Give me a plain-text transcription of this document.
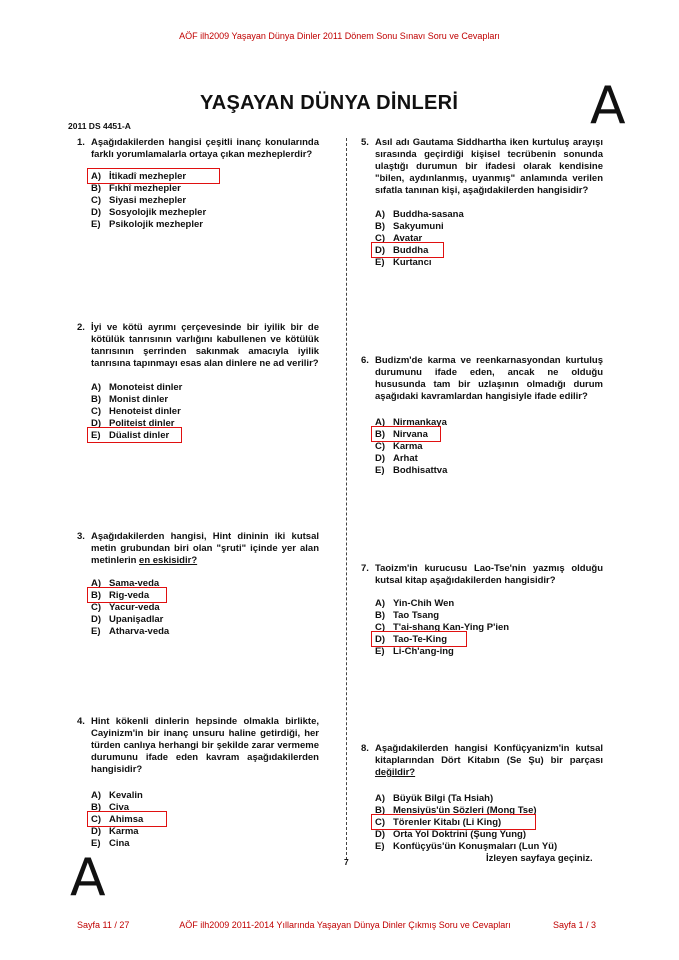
AÖF ilh2009 Yaşayan Dünya Dinler 2011 Dönem Sonu Sınavı Soru ve Cevapları
YAŞAYAN DÜNYA DİNLERİ	A
2011 DS 4451-A
1. Aşağıdakilerden hangisi çeşitli inanç konularında farklı yorumlamalarla ortaya çıkan mezheplerdir?
A) İtikadî mezhepler
B) Fıkhî mezhepler
C) Siyasi mezhepler
D) Sosyolojik mezhepler
E) Psikolojik mezhepler
2. İyi ve kötü ayrımı çerçevesinde bir iyilik bir de kötülük tanrısının varlığını kabullenen ve kötülük tanrısının şerrinden sakınmak amacıyla iyilik tanrısına tapınmayı esas alan dinlere ne ad verilir?
A) Monoteist dinler
B) Monist dinler
C) Henoteist dinler
D) Politeist dinler
E) Düalist dinler
3. Aşağıdakilerden hangisi, Hint dininin iki kutsal metin grubundan biri olan "şruti" içinde yer alan metinlerin en eskisidir?
A) Sama-veda
B) Rig-veda
C) Yacur-veda
D) Upanişadlar
E) Atharva-veda
4. Hint kökenli dinlerin hepsinde olmakla birlikte, Cayinizm'in bir inanç unsuru haline getirdiği, her türden canlıya herhangi bir şekilde zarar vermeme durumunu ifade eden kavram aşağıdakilerden hangisidir?
A) Kevalin
B) Civa
C) Ahimsa
D) Karma
E) Cina
A
5. Asıl adı Gautama Siddhartha iken kurtuluş arayışı sırasında geçirdiği kişisel tecrübenin sonunda ulaştığı durumun bir ifadesi olarak kendisine "bilen, aydınlanmış, uyanmış" anlamında verilen sıfatla tanınan kişi, aşağıdakilerden hangisidir?
A) Buddha-sasana
B) Sakyumuni
C) Avatar
D) Buddha
E) Kurtancı
6. Budizm'de karma ve reenkarnasyondan kurtuluş durumunu ifade eden, ancak ne olduğu hususunda tam bir uzlaşının olmadığı durum aşağıdaki kavramlardan hangisiyle ifade edilir?
A) Nirmankaya
B) Nirvana
C) Karma
D) Arhat
E) Bodhisattva
7. Taoizm'in kurucusu Lao-Tse'nin yazmış olduğu kutsal kitap aşağıdakilerden hangisidir?
A) Yin-Chih Wen
B) Tao Tsang
C) T'ai-shang Kan-Ying P'ien
D) Tao-Te-King
E) Li-Ch'ang-ing
8. Aşağıdakilerden hangisi Konfüçyanizm'in kutsal kitaplarından Dört Kitabın (Se Şu) bir parçası değildir?
A) Büyük Bilgi (Ta Hsiah)
B) Mensiyüs'ün Sözleri (Mong Tse)
C) Törenler Kitabı (Li King)
D) Orta Yol Doktrini (Şung Yung)
E) Konfüçyüs'ün Konuşmaları (Lun Yü)
7	İzleyen sayfaya geçiniz.
Sayfa 11 / 27	AÖF ilh2009 2011-2014 Yıllarında Yaşayan Dünya Dinler Çıkmış Soru ve Cevapları	Sayfa 1 / 3
